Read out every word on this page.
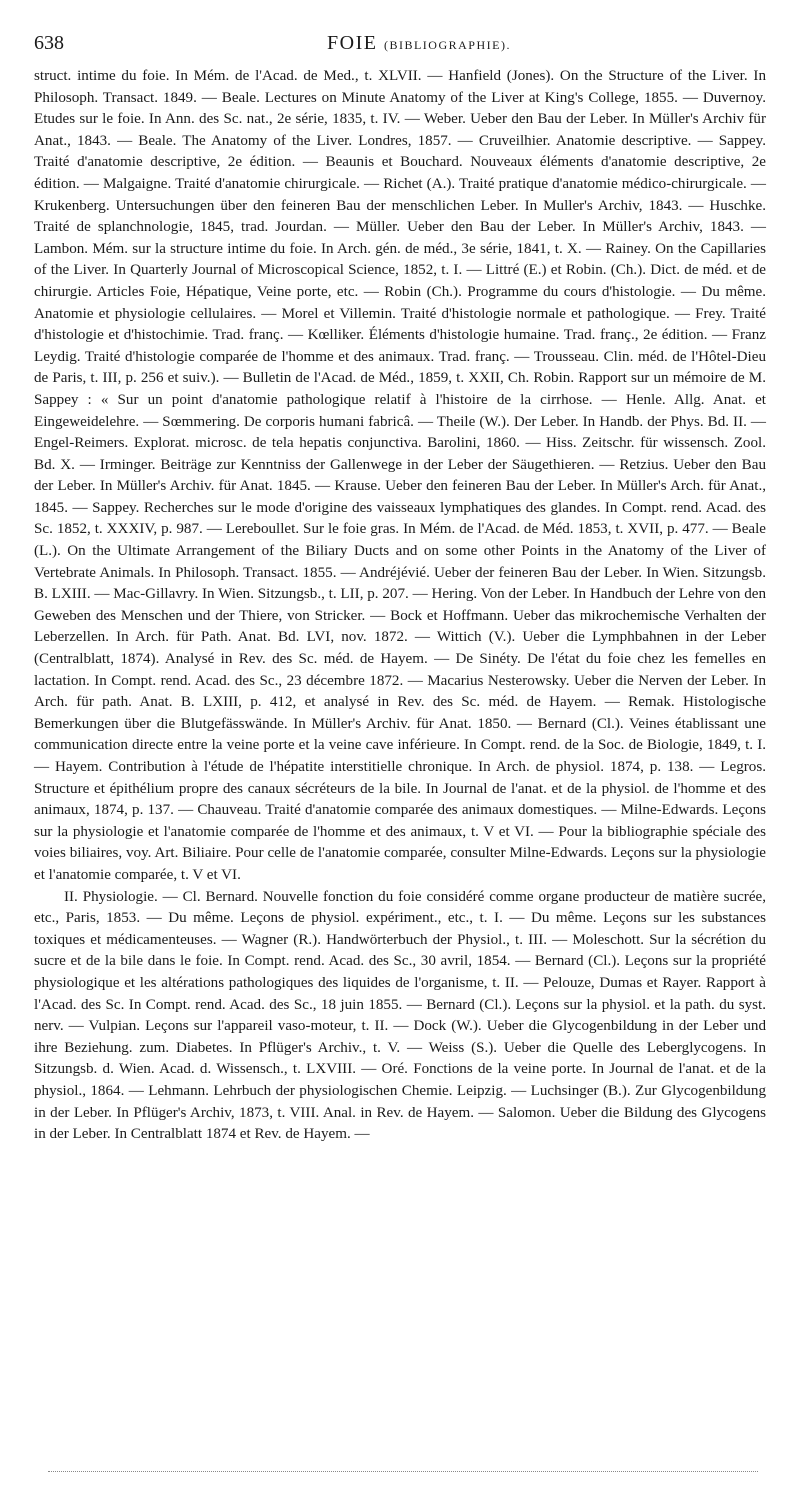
638	FOIE (BIBLIOGRAPHIE).

struct. intime du foie. In Mém. de l'Acad. de Med., t. XLVII. — Hanfield (Jones). On the Structure of the Liver. In Philosoph. Transact. 1849. — Beale. Lectures on Minute Anatomy of the Liver at King's College, 1855. — Duvernoy. Etudes sur le foie. In Ann. des Sc. nat., 2e série, 1835, t. IV. — Weber. Ueber den Bau der Leber. In Müller's Archiv für Anat., 1843. — Beale. The Anatomy of the Liver. Londres, 1857. — Cruveilhier. Anatomie descriptive. — Sappey. Traité d'anatomie descriptive, 2e édition. — Beaunis et Bouchard. Nouveaux éléments d'anatomie descriptive, 2e édition. — Malgaigne. Traité d'anatomie chirurgicale. — Richet (A.). Traité pratique d'anatomie médico-chirurgicale. — Krukenberg. Untersuchungen über den feineren Bau der menschlichen Leber. In Muller's Archiv, 1843. — Huschke. Traité de splanchnologie, 1845, trad. Jourdan. — Müller. Ueber den Bau der Leber. In Müller's Archiv, 1843. — Lambon. Mém. sur la structure intime du foie. In Arch. gén. de méd., 3e série, 1841, t. X. — Rainey. On the Capillaries of the Liver. In Quarterly Journal of Microscopical Science, 1852, t. I. — Littré (E.) et Robin. (Ch.). Dict. de méd. et de chirurgie. Articles Foie, Hépatique, Veine porte, etc. — Robin (Ch.). Programme du cours d'histologie. — Du même. Anatomie et physiologie cellulaires. — Morel et Villemin. Traité d'histologie normale et pathologique. — Frey. Traité d'histologie et d'histochimie. Trad. franç. — Kœlliker. Éléments d'histologie humaine. Trad. franç., 2e édition. — Franz Leydig. Traité d'histologie comparée de l'homme et des animaux. Trad. franç. — Trousseau. Clin. méd. de l'Hôtel-Dieu de Paris, t. III, p. 256 et suiv.). — Bulletin de l'Acad. de Méd., 1859, t. XXII, Ch. Robin. Rapport sur un mémoire de M. Sappey : « Sur un point d'anatomie pathologique relatif à l'histoire de la cirrhose. — Henle. Allg. Anat. et Eingeweidelehre. — Sœmmering. De corporis humani fabricâ. — Theile (W.). Der Leber. In Handb. der Phys. Bd. II. — Engel-Reimers. Explorat. microsc. de tela hepatis conjunctiva. Barolini, 1860. — Hiss. Zeitschr. für wissensch. Zool. Bd. X. — Irminger. Beiträge zur Kenntniss der Gallenwege in der Leber der Säugethieren. — Retzius. Ueber den Bau der Leber. In Müller's Archiv. für Anat. 1845. — Krause. Ueber den feineren Bau der Leber. In Müller's Arch. für Anat., 1845. — Sappey. Recherches sur le mode d'origine des vaisseaux lymphatiques des glandes. In Compt. rend. Acad. des Sc. 1852, t. XXXIV, p. 987. — Lereboullet. Sur le foie gras. In Mém. de l'Acad. de Méd. 1853, t. XVII, p. 477. — Beale (L.). On the Ultimate Arrangement of the Biliary Ducts and on some other Points in the Anatomy of the Liver of Vertebrate Animals. In Philosoph. Transact. 1855. — Andréjévié. Ueber der feineren Bau der Leber. In Wien. Sitzungsb. B. LXIII. — Mac-Gillavry. In Wien. Sitzungsb., t. LII, p. 207. — Hering. Von der Leber. In Handbuch der Lehre von den Geweben des Menschen und der Thiere, von Stricker. — Bock et Hoffmann. Ueber das mikrochemische Verhalten der Leberzellen. In Arch. für Path. Anat. Bd. LVI, nov. 1872. — Wittich (V.). Ueber die Lymphbahnen in der Leber (Centralblatt, 1874). Analysé in Rev. des Sc. méd. de Hayem. — De Sinéty. De l'état du foie chez les femelles en lactation. In Compt. rend. Acad. des Sc., 23 décembre 1872. — Macarius Nesterowsky. Ueber die Nerven der Leber. In Arch. für path. Anat. B. LXIII, p. 412, et analysé in Rev. des Sc. méd. de Hayem. — Remak. Histologische Bemerkungen über die Blutgefässwände. In Müller's Archiv. für Anat. 1850. — Bernard (Cl.). Veines établissant une communication directe entre la veine porte et la veine cave inférieure. In Compt. rend. de la Soc. de Biologie, 1849, t. I. — Hayem. Contribution à l'étude de l'hépatite interstitielle chronique. In Arch. de physiol. 1874, p. 138. — Legros. Structure et épithélium propre des canaux sécréteurs de la bile. In Journal de l'anat. et de la physiol. de l'homme et des animaux, 1874, p. 137. — Chauveau. Traité d'anatomie comparée des animaux domestiques. — Milne-Edwards. Leçons sur la physiologie et l'anatomie comparée de l'homme et des animaux, t. V et VI. — Pour la bibliographie spéciale des voies biliaires, voy. Art. Biliaire. Pour celle de l'anatomie comparée, consulter Milne-Edwards. Leçons sur la physiologie et l'anatomie comparée, t. V et VI.

II. Physiologie. — Cl. Bernard. Nouvelle fonction du foie considéré comme organe producteur de matière sucrée, etc., Paris, 1853. — Du même. Leçons de physiol. expériment., etc., t. I. — Du même. Leçons sur les substances toxiques et médicamenteuses. — Wagner (R.). Handwörterbuch der Physiol., t. III. — Moleschott. Sur la sécrétion du sucre et de la bile dans le foie. In Compt. rend. Acad. des Sc., 30 avril, 1854. — Bernard (Cl.). Leçons sur la propriété physiologique et les altérations pathologiques des liquides de l'organisme, t. II. — Pelouze, Dumas et Rayer. Rapport à l'Acad. des Sc. In Compt. rend. Acad. des Sc., 18 juin 1855. — Bernard (Cl.). Leçons sur la physiol. et la path. du syst. nerv. — Vulpian. Leçons sur l'appareil vaso-moteur, t. II. — Dock (W.). Ueber die Glycogenbildung in der Leber und ihre Beziehung. zum. Diabetes. In Pflüger's Archiv., t. V. — Weiss (S.). Ueber die Quelle des Leberglycogens. In Sitzungsb. d. Wien. Acad. d. Wissensch., t. LXVIII. — Oré. Fonctions de la veine porte. In Journal de l'anat. et de la physiol., 1864. — Lehmann. Lehrbuch der physiologischen Chemie. Leipzig. — Luchsinger (B.). Zur Glycogenbildung in der Leber. In Pflüger's Archiv, 1873, t. VIII. Anal. in Rev. de Hayem. — Salomon. Ueber die Bildung des Glycogens in der Leber. In Centralblatt 1874 et Rev. de Hayem. —
